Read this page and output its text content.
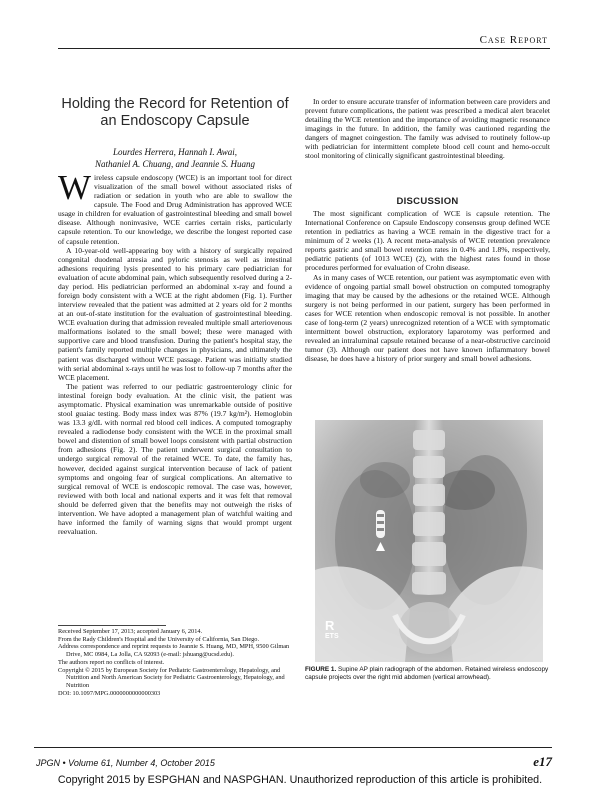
Case Report
Holding the Record for Retention of
an Endoscopy Capsule
Lourdes Herrera, Hannah I. Awai,
Nathaniel A. Chuang, and Jeannie S. Huang

Wireless capsule endoscopy (WCE) is an important tool for direct visualization of the small bowel without associated risks of radiation or sedation in youth who are able to swallow the capsule. The Food and Drug Administration has approved WCE usage in children for evaluation of gastrointestinal bleeding and small bowel disease. Although noninvasive, WCE carries certain risks, particularly capsule retention. To our knowledge, we describe the longest reported case of capsule retention.

A 10-year-old well-appearing boy with a history of surgically repaired congenital duodenal atresia and pyloric stenosis as well as intestinal adhesions requiring lysis presented to his primary care pediatrician for evaluation of acute abdominal pain, which subsequently resolved during a 2-day period. His pediatrician performed an abdominal x-ray and found a foreign body consistent with a WCE at the right abdomen (Fig. 1). Further interview revealed that the patient was admitted at 2 years old for 2 months at an out-of-state institution for the evaluation of gastrointestinal bleeding. WCE evaluation during that admission revealed multiple small arteriovenous malformations isolated to the small bowel; these were managed with supportive care and blood transfusion. During the patient's hospital stay, the patient's family reported multiple changes in physicians, and ultimately the patient was discharged without WCE passage. Patient was initially studied with serial abdominal x-rays until he was lost to follow-up 7 months after the WCE placement.

The patient was referred to our pediatric gastroenterology clinic for intestinal foreign body evaluation. At the clinic visit, the patient was asymptomatic. Physical examination was unremarkable outside of positive stool guaiac testing. Body mass index was 87% (19.7 kg/m²). Hemoglobin was 13.3 g/dL with normal red blood cell indices. A computed tomography revealed a radiodense body consistent with the WCE in the proximal small bowel and distention of small bowel loops consistent with partial obstruction from adhesions (Fig. 2). The patient underwent surgical consultation to undergo surgical removal of the retained WCE. To date, the family has, however, decided against surgical intervention because of lack of patient symptoms and ongoing fear of surgical complications. An alternative to surgical removal of WCE is endoscopic removal. The case was, however, reviewed with both local and national experts and it was felt that removal should be deferred given that the benefits may not outweigh the risks of intervention. We have adopted a management plan of watchful waiting and have informed the family of warning signs that would prompt urgent reevaluation.

Received September 17, 2013; accepted January 6, 2014.
From the Rady Children's Hospital and the University of California, San Diego.
Address correspondence and reprint requests to Jeannie S. Huang, MD, MPH, 9500 Gilman Drive, MC 0984, La Jolla, CA 92093 (e-mail: jshuang@ucsd.edu).
The authors report no conflicts of interest.
Copyright © 2015 by European Society for Pediatric Gastroenterology, Hepatology, and Nutrition and North American Society for Pediatric Gastroenterology, Hepatology, and Nutrition
DOI: 10.1097/MPG.0000000000000303

In order to ensure accurate transfer of information between care providers and prevent future complications, the patient was prescribed a medical alert bracelet detailing the WCE retention and the importance of avoiding magnetic resonance imagings in the future. In addition, the family was cautioned regarding the dangers of magnet coingestion. The family was advised to routinely follow-up with pediatrician for intermittent complete blood cell count and hemo-occult stool monitoring of clinically significant gastrointestinal bleeding.

DISCUSSION

The most significant complication of WCE is capsule retention. The International Conference on Capsule Endoscopy consensus group defined WCE retention in pediatrics as having a WCE remain in the digestive tract for a minimum of 2 weeks (1). A recent meta-analysis of WCE retention prevalence reports gastric and small bowel retention rates in 0.4% and 1.8%, respectively, pediatric patients (of 1013 WCE) (2), with the highest rates found in those procedures performed for evaluation of Crohn disease.

As in many cases of WCE retention, our patient was asymptomatic even with evidence of ongoing partial small bowel obstruction on computed tomography imaging that may be caused by the adhesions or the retained WCE. Although surgery is not being performed in our patient, surgery has been performed in cases for WCE retention when endoscopic removal is not possible. In another case of long-term (2 years) unrecognized retention of a WCE with symptomatic intermittent bowel obstruction, exploratory laparotomy was performed and revealed an intraluminal capsule retained because of a near-obstructive carcinoid tumor (3). Although our patient does not have known inflammatory bowel disease, he does have a history of prior surgery and small bowel adhesions.

R
ETS
FIGURE 1. Supine AP plain radiograph of the abdomen. Retained wireless endoscopy capsule projects over the right mid abdomen (vertical arrowhead).
JPGN • Volume 61, Number 4, October 2015	e17
Copyright 2015 by ESPGHAN and NASPGHAN. Unauthorized reproduction of this article is prohibited.
